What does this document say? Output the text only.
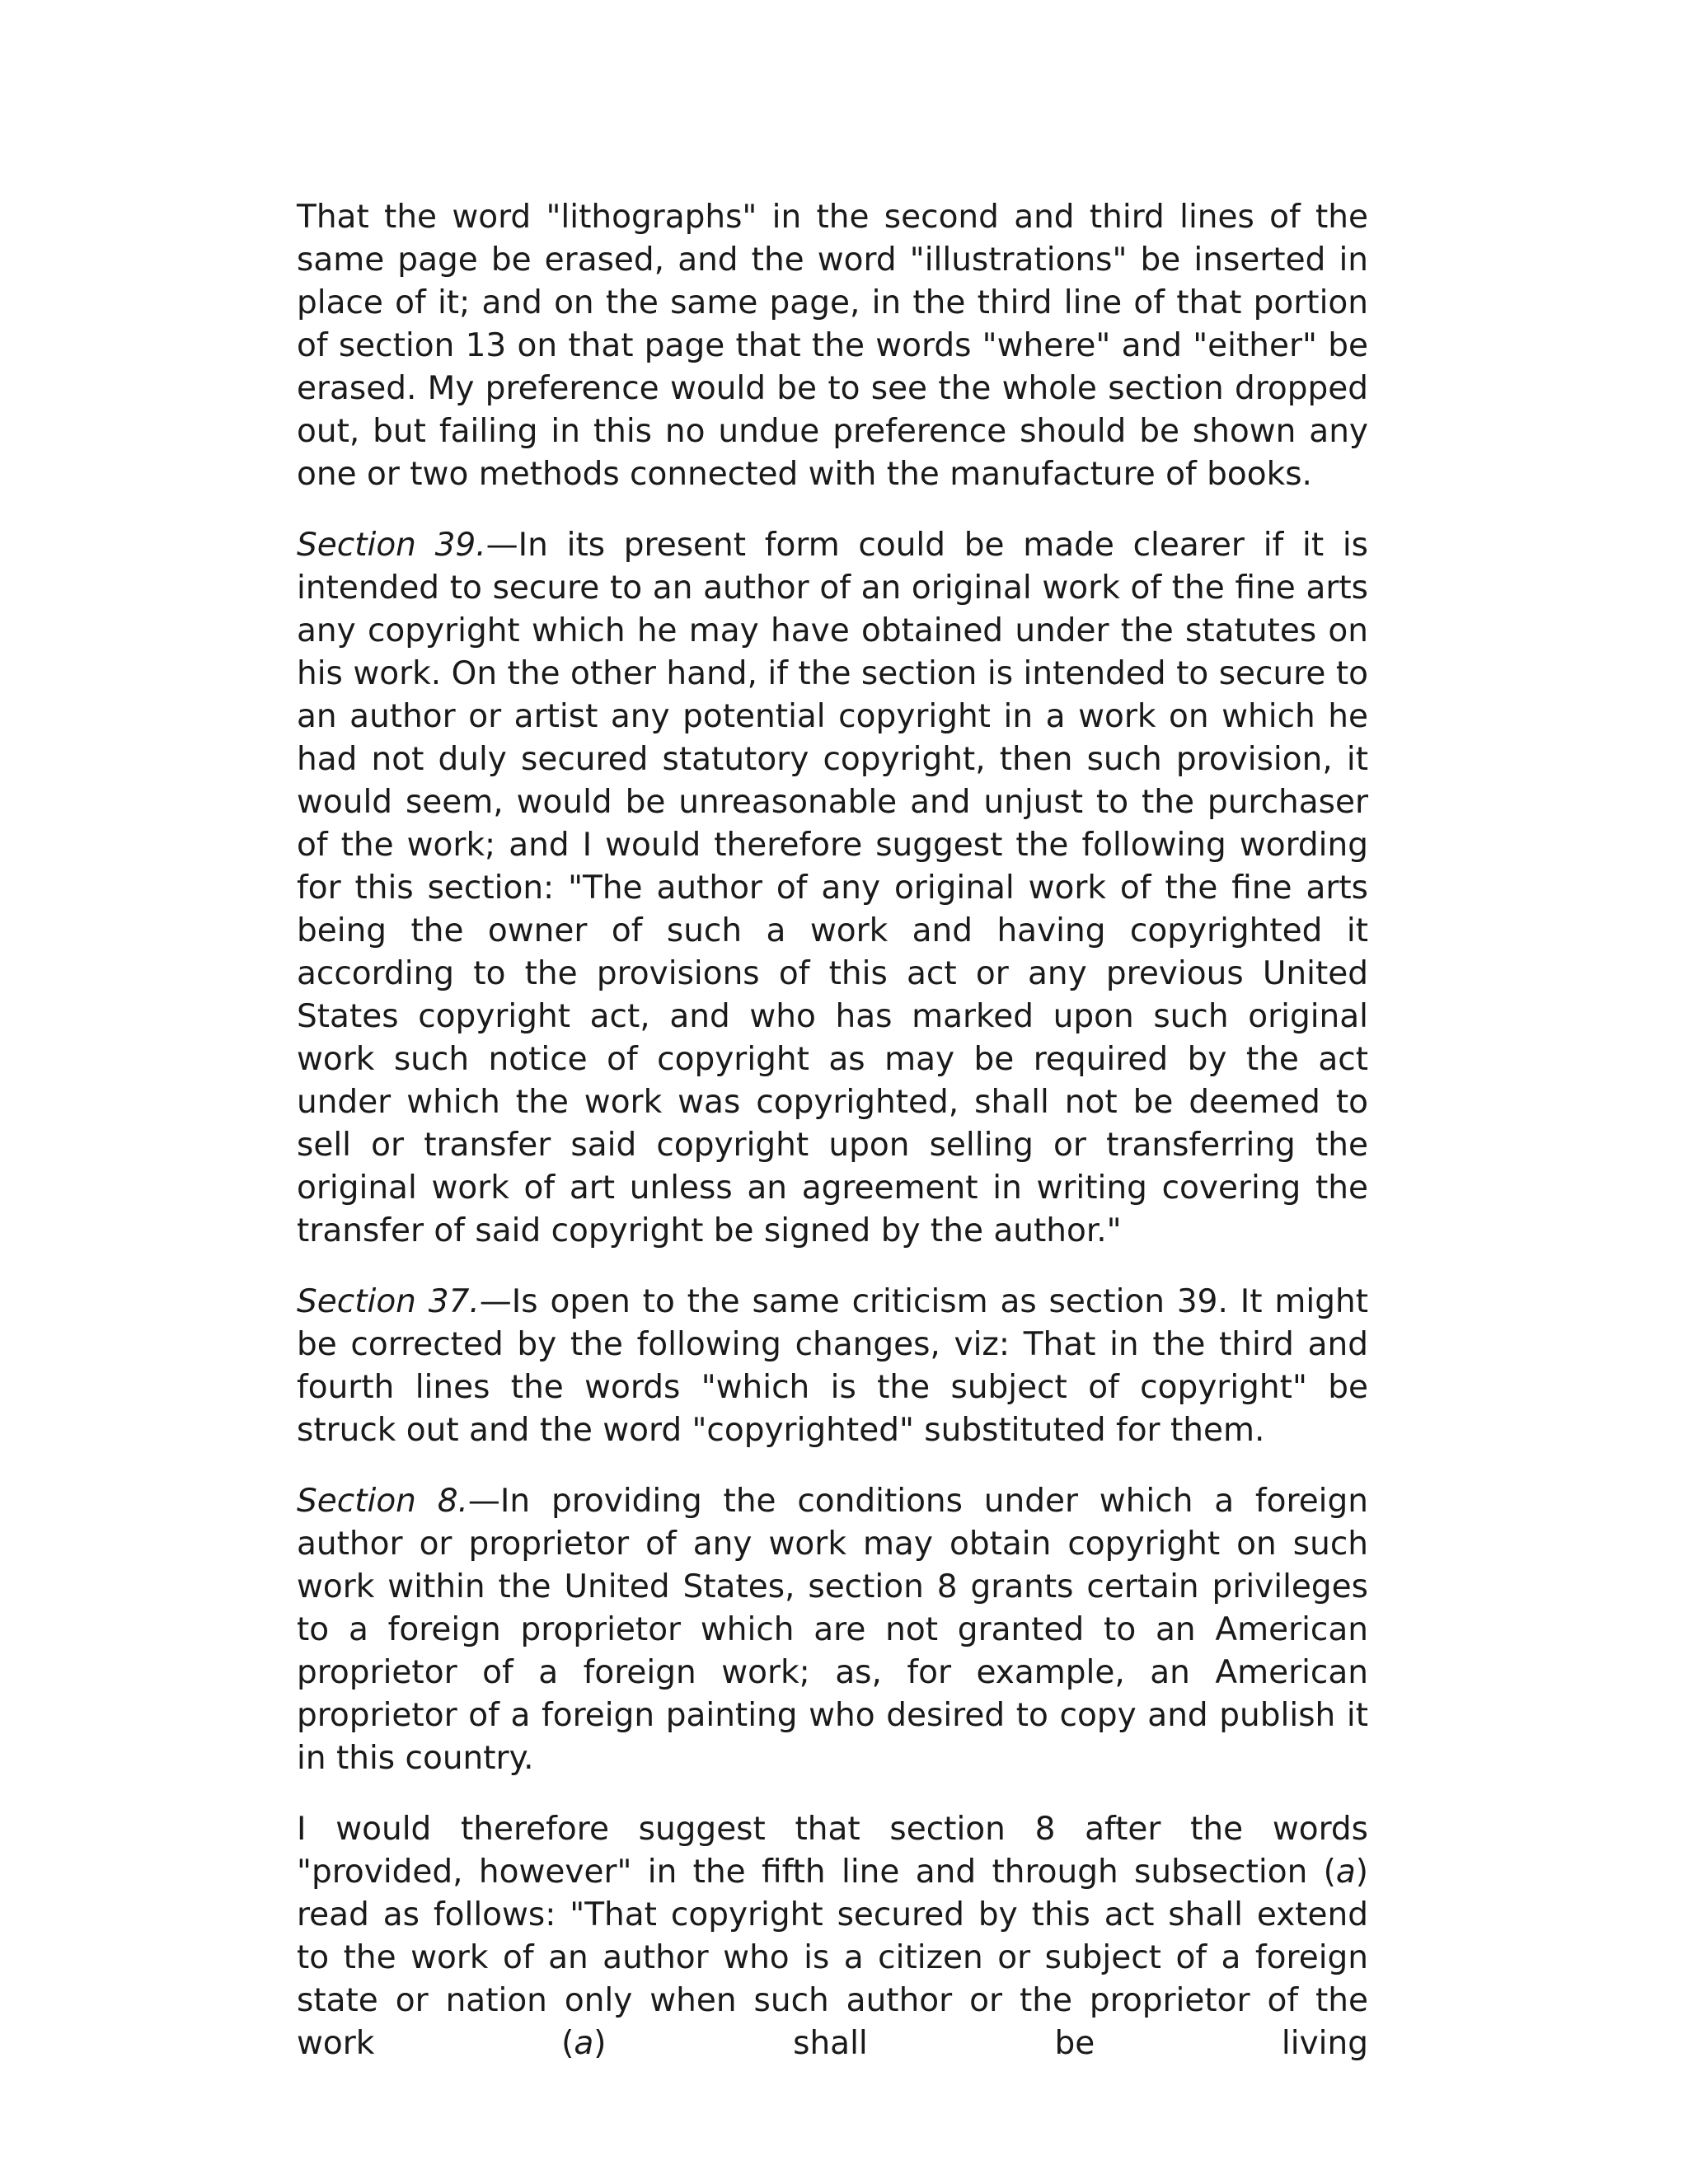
That the word "lithographs" in the second and third lines of the same page be erased, and the word "illustrations" be inserted in place of it; and on the same page, in the third line of that portion of section 13 on that page that the words "where" and "either" be erased. My preference would be to see the whole section dropped out, but failing in this no undue preference should be shown any one or two methods connected with the manufacture of books.

Section 39.—In its present form could be made clearer if it is intended to secure to an author of an original work of the fine arts any copyright which he may have obtained under the statutes on his work. On the other hand, if the section is intended to secure to an author or artist any potential copyright in a work on which he had not duly secured statutory copyright, then such provision, it would seem, would be unreasonable and unjust to the purchaser of the work; and I would therefore suggest the following wording for this section: "The author of any original work of the fine arts being the owner of such a work and having copyrighted it according to the provisions of this act or any previous United States copyright act, and who has marked upon such original work such notice of copyright as may be required by the act under which the work was copyrighted, shall not be deemed to sell or transfer said copyright upon selling or transferring the original work of art unless an agreement in writing covering the transfer of said copyright be signed by the author."

Section 37.—Is open to the same criticism as section 39. It might be corrected by the following changes, viz: That in the third and fourth lines the words "which is the subject of copyright" be struck out and the word "copyrighted" substituted for them.

Section 8.—In providing the conditions under which a foreign author or proprietor of any work may obtain copyright on such work within the United States, section 8 grants certain privileges to a foreign proprietor which are not granted to an American proprietor of a foreign work; as, for example, an American proprietor of a foreign painting who desired to copy and publish it in this country.

I would therefore suggest that section 8 after the words "provided, however" in the fifth line and through subsection (a) read as follows: "That copyright secured by this act shall extend to the work of an author who is a citizen or subject of a foreign state or nation only when such author or the proprietor of the work (a) shall be living
